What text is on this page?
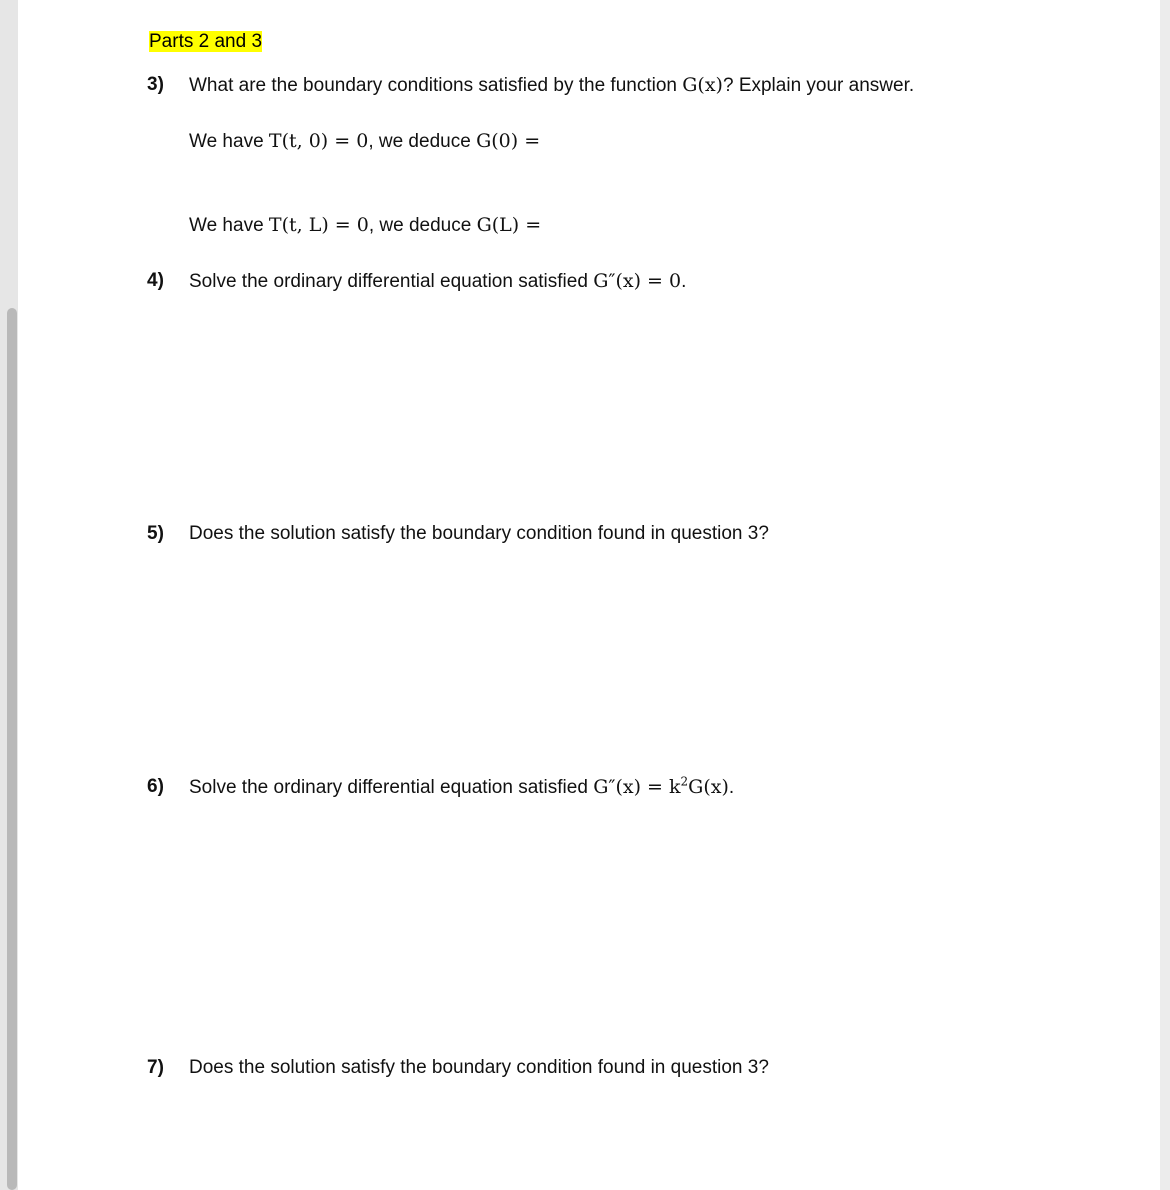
Parts 2 and 3
3)	What are the boundary conditions satisfied by the function G(x)? Explain your answer.
We have T(t, 0) = 0, we deduce G(0) =
We have T(t, L) = 0, we deduce G(L) =
4)	Solve the ordinary differential equation satisfied G″(x) = 0.
5)	Does the solution satisfy the boundary condition found in question 3?
6)	Solve the ordinary differential equation satisfied $G''(x) = k^2G(x)$.
7)	Does the solution satisfy the boundary condition found in question 3?
